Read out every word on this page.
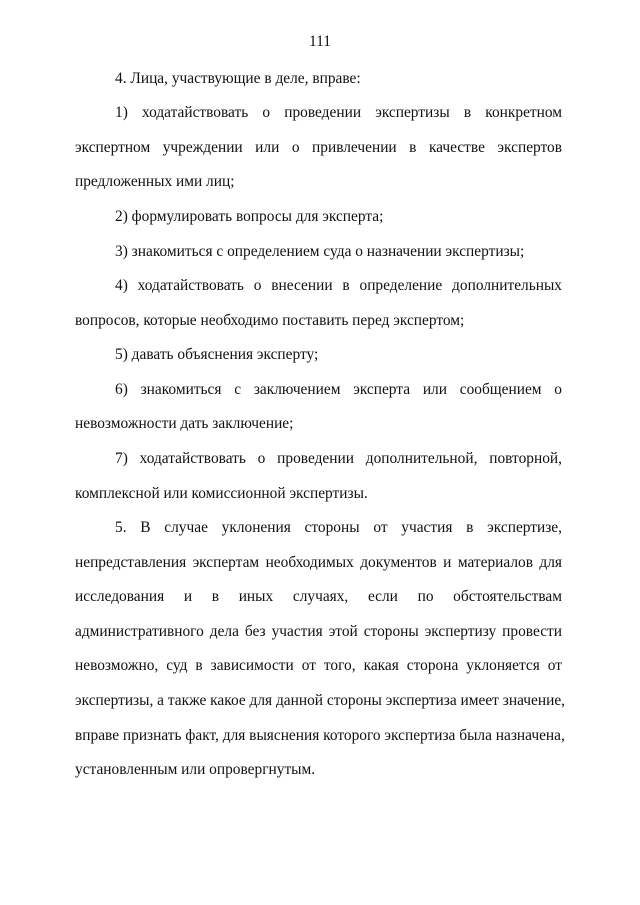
111
4. Лица, участвующие в деле, вправе:
1) ходатайствовать о проведении экспертизы в конкретном
экспертном учреждении или о привлечении в качестве экспертов
предложенных ими лиц;
2) формулировать вопросы для эксперта;
3) знакомиться с определением суда о назначении экспертизы;
4) ходатайствовать о внесении в определение дополнительных
вопросов, которые необходимо поставить перед экспертом;
5) давать объяснения эксперту;
6) знакомиться с заключением эксперта или сообщением о
невозможности дать заключение;
7) ходатайствовать о проведении дополнительной, повторной,
комплексной или комиссионной экспертизы.
5. В случае уклонения стороны от участия в экспертизе,
непредставления экспертам необходимых документов и материалов для
исследования и в иных случаях, если по обстоятельствам
административного дела без участия этой стороны экспертизу провести
невозможно, суд в зависимости от того, какая сторона уклоняется от
экспертизы, а также какое для данной стороны экспертиза имеет значение,
вправе признать факт, для выяснения которого экспертиза была назначена,
установленным или опровергнутым.
